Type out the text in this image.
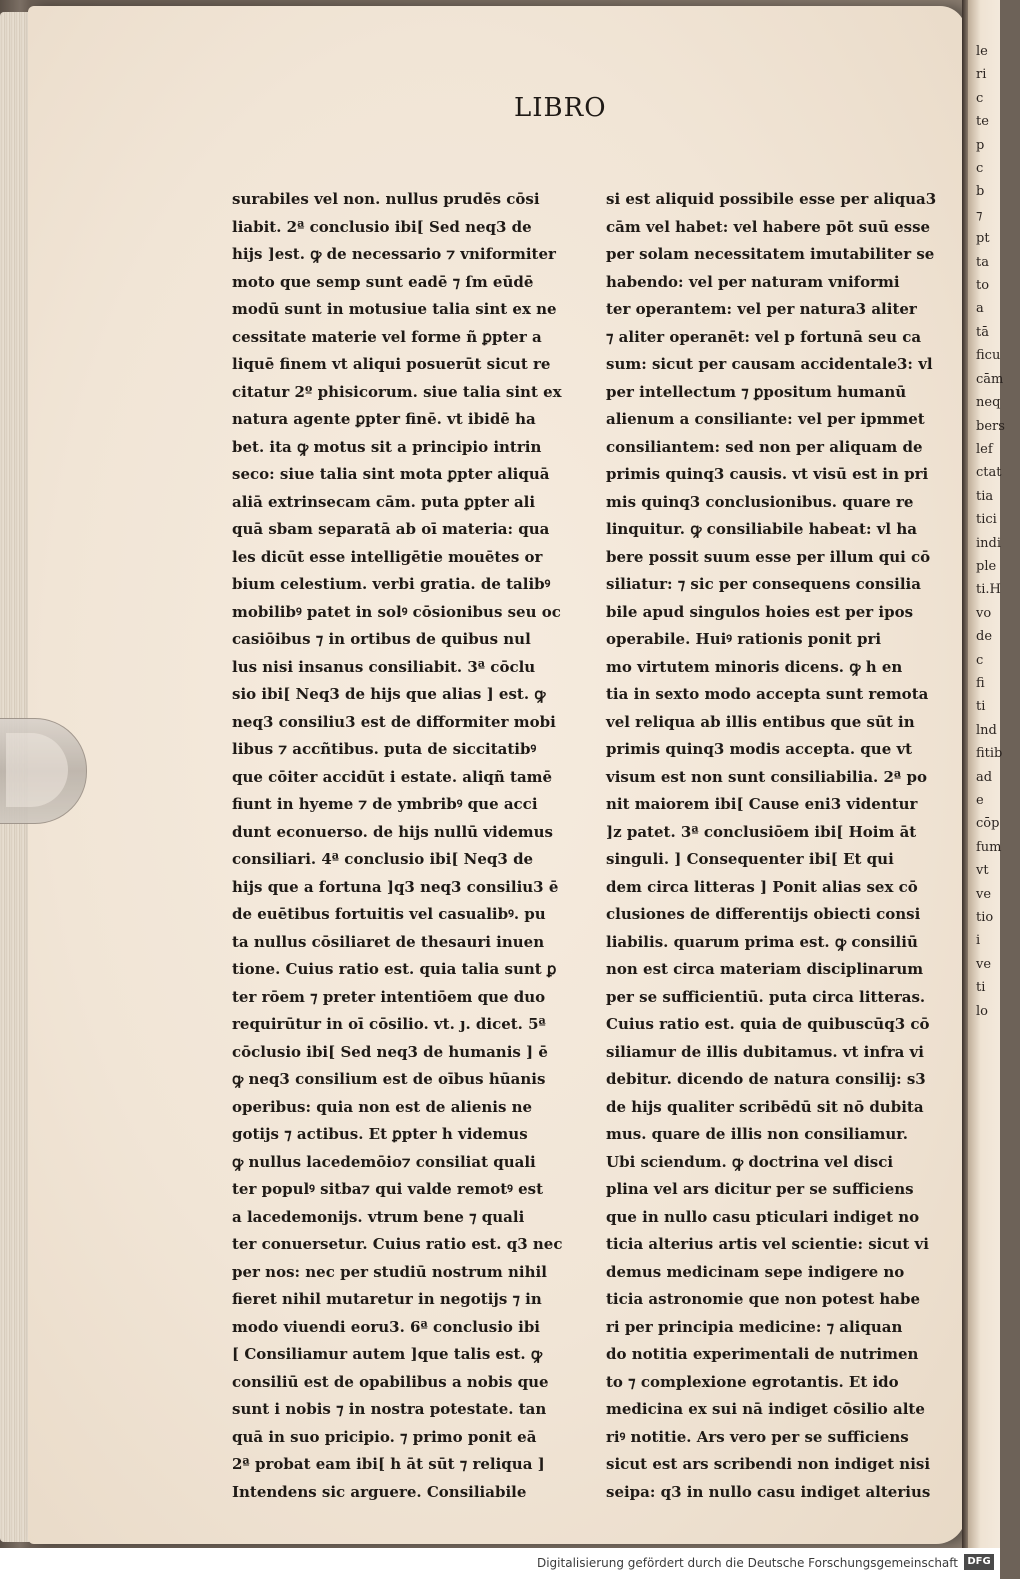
le
ri
c
te
p
c
b
⁊
pt
ta
to
a
tā
ficu
cām
neq
bers
lef
ctat
tia
tici
indi
ple
ti.H
vo
de
c
fi
ti
lnd
fitib
ad
e
cōp
fum
vt
ve
tio
i
ve
ti
lo
LIBRO
surabiles vel non. nullus prudēs cōsi
liabit. 2ª conclusio ibi[ Sed neq3 de
hijs ]est. ꝙ de necessario ⁊ vniformiter
moto que semp sunt eadē ⁊ ſm eūdē
modū sunt in motusiue talia sint ex ne
cessitate materie vel forme ñ ꝑpter a
liquē finem vt aliqui posuerūt sicut re
citatur 2º phisicorum. siue talia sint ex
natura agente ꝑpter finē. vt ibidē ha
bet. ita ꝙ motus sit a principio intrin
seco: siue talia sint mota ꝑpter aliquā
aliā extrinsecam cām. puta ꝑpter ali
quā sbam separatā ab oī materia: qua
les dicūt esse intelligētie mouētes or
bium celestium. verbi gratia. de talibꝰ
mobilibꝰ patet in solꝰ cōsionibus seu oc
casiōibus ⁊ in ortibus de quibus nul
lus nisi insanus consiliabit. 3ª cōclu
sio ibi[ Neq3 de hijs que alias ] est. ꝙ
neq3 consiliu3 est de difformiter mobi
libus ⁊ accñtibus. puta de siccitatibꝰ
que cōiter accidūt i estate. aliqñ tamē
fiunt in hyeme ⁊ de ymbribꝰ que acci
dunt econuerso. de hijs nullū videmus
consiliari. 4ª conclusio ibi[ Neq3 de
hijs que a fortuna ]q3 neq3 consiliu3 ē
de euētibus fortuitis vel casualibꝰ. pu
ta nullus cōsiliaret de thesauri inuen
tione. Cuius ratio est. quia talia sunt ꝑ
ter rōem ⁊ preter intentiōem que duo
requirūtur in oī cōsilio. vt. ȷ. dicet. 5ª
cōclusio ibi[ Sed neq3 de humanis ] ē
ꝙ neq3 consilium est de oībus hūanis
operibus: quia non est de alienis ne
gotijs ⁊ actibus. Et ꝑpter h videmus
ꝙ nullus lacedemōio⁊ consiliat quali
ter populꝰ sitba⁊ qui valde remotꝰ est
a lacedemonijs. vtrum bene ⁊ quali
ter conuersetur. Cuius ratio est. q3 nec
per nos: nec per studiū nostrum nihil
fieret nihil mutaretur in negotijs ⁊ in
modo viuendi eoru3. 6ª conclusio ibi
[ Consiliamur autem ]que talis est. ꝙ
consiliū est de opabilibus a nobis que
sunt i nobis ⁊ in nostra potestate. tan
quā in suo pricipio. ⁊ primo ponit eā
2ª probat eam ibi[ h āt sūt ⁊ reliqua ]
Intendens sic arguere. Consiliabile
si est aliquid possibile esse per aliqua3
cām vel habet: vel habere pōt suū esse
per solam necessitatem imutabiliter se
habendo: vel per naturam vniformi
ter operantem: vel per natura3 aliter
⁊ aliter operanēt: vel p fortunā seu ca
sum: sicut per causam accidentale3: vl
per intellectum ⁊ ꝑpositum humanū
alienum a consiliante: vel per ipmmet
consiliantem: sed non per aliquam de
primis quinq3 causis. vt visū est in pri
mis quinq3 conclusionibus. quare re
linquitur. ꝙ consiliabile habeat: vl ha
bere possit suum esse per illum qui cō
siliatur: ⁊ sic per consequens consilia
bile apud singulos hoies est per ipos
operabile. Huiꝰ rationis ponit pri
mo virtutem minoris dicens. ꝙ h en
tia in sexto modo accepta sunt remota
vel reliqua ab illis entibus que sūt in
primis quinq3 modis accepta. que vt
visum est non sunt consiliabilia. 2ª po
nit maiorem ibi[ Cause eni3 videntur
]z patet. 3ª conclusiōem ibi[ Hoim āt
singuli. ] Consequenter ibi[ Et qui
dem circa litteras ] Ponit alias sex cō
clusiones de differentijs obiecti consi
liabilis. quarum prima est. ꝙ consiliū
non est circa materiam disciplinarum
per se sufficientiū. puta circa litteras.
Cuius ratio est. quia de quibuscūq3 cō
siliamur de illis dubitamus. vt infra vi
debitur. dicendo de natura consilij: s3
de hijs qualiter scribēdū sit nō dubita
mus. quare de illis non consiliamur.
Ubi sciendum. ꝙ doctrina vel disci
plina vel ars dicitur per se sufficiens
que in nullo casu pticulari indiget no
ticia alterius artis vel scientie: sicut vi
demus medicinam sepe indigere no
ticia astronomie que non potest habe
ri per principia medicine: ⁊ aliquan
do notitia experimentali de nutrimen
to ⁊ complexione egrotantis. Et ido
medicina ex sui nā indiget cōsilio alte
riꝰ notitie. Ars vero per se sufficiens
sicut est ars scribendi non indiget nisi
seipa: q3 in nullo casu indiget alterius
Digitalisierung gefördert durch die Deutsche Forschungsgemeinschaft DFG
